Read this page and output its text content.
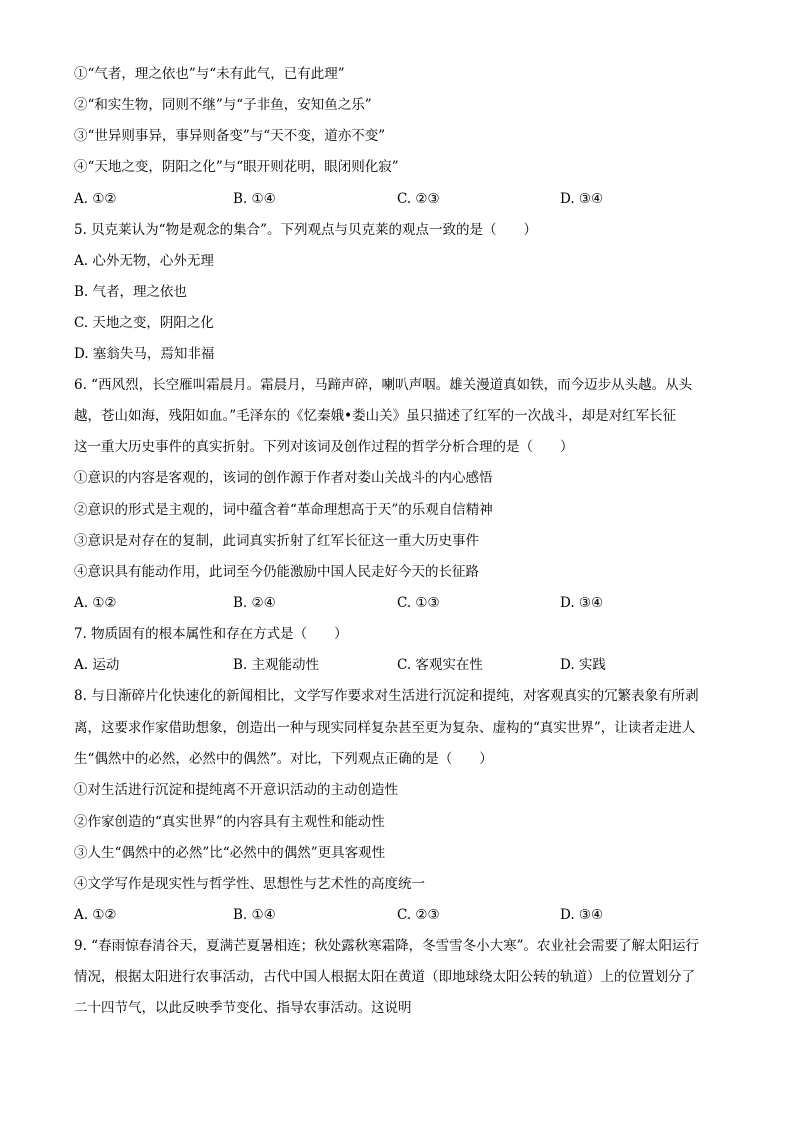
①“气者，理之依也”与“未有此气，已有此理”
②“和实生物，同则不继”与“子非鱼，安知鱼之乐”
③“世异则事异，事异则备变”与“天不变，道亦不变”
④“天地之变，阴阳之化”与“眼开则花明，眼闭则化寂”
A. ①②	B. ①④	C. ②③	D. ③④
5. 贝克莱认为“物是观念的集合”。下列观点与贝克莱的观点一致的是（　　）
A. 心外无物，心外无理
B. 气者，理之依也
C. 天地之变，阴阳之化
D. 塞翁失马，焉知非福
6. “西风烈，长空雁叫霜晨月。霜晨月，马蹄声碎，喇叭声咽。雄关漫道真如铁，而今迈步从头越。从头
越，苍山如海，残阳如血。”毛泽东的《忆秦娥•娄山关》虽只描述了红军的一次战斗，却是对红军长征
这一重大历史事件的真实折射。下列对该词及创作过程的哲学分析合理的是（　　）
①意识的内容是客观的，该词的创作源于作者对娄山关战斗的内心感悟
②意识的形式是主观的，词中蕴含着“革命理想高于天”的乐观自信精神
③意识是对存在的复制，此词真实折射了红军长征这一重大历史事件
④意识具有能动作用，此词至今仍能激励中国人民走好今天的长征路
A. ①②	B. ②④	C. ①③	D. ③④
7. 物质固有的根本属性和存在方式是（　　）
A. 运动	B. 主观能动性	C. 客观实在性	D. 实践
8. 与日渐碎片化快速化的新闻相比，文学写作要求对生活进行沉淀和提纯，对客观真实的冗繁表象有所剥
离，这要求作家借助想象，创造出一种与现实同样复杂甚至更为复杂、虚构的“真实世界”，让读者走进人
生“偶然中的必然，必然中的偶然”。对比，下列观点正确的是（　　）
①对生活进行沉淀和提纯离不开意识活动的主动创造性
②作家创造的“真实世界”的内容具有主观性和能动性
③人生“偶然中的必然”比“必然中的偶然”更具客观性
④文学写作是现实性与哲学性、思想性与艺术性的高度统一
A. ①②	B. ①④	C. ②③	D. ③④
9. “春雨惊春清谷天，夏满芒夏暑相连；秋处露秋寒霜降，冬雪雪冬小大寒”。农业社会需要了解太阳运行
情况，根据太阳进行农事活动，古代中国人根据太阳在黄道（即地球绕太阳公转的轨道）上的位置划分了
二十四节气，以此反映季节变化、指导农事活动。这说明
